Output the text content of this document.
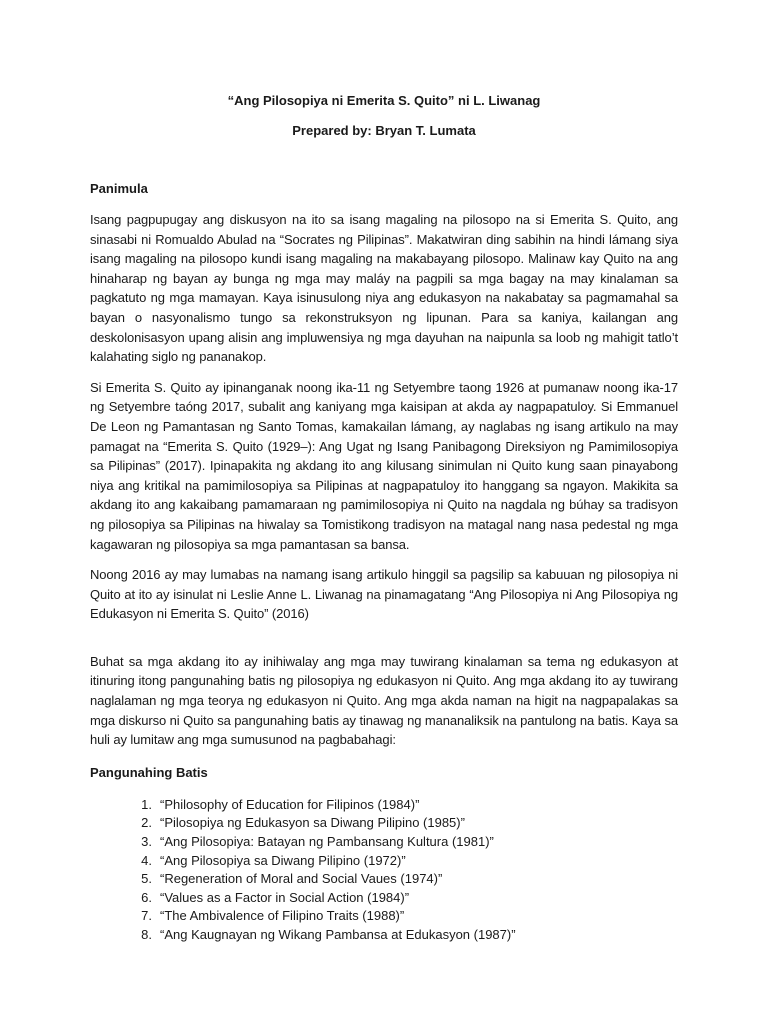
“Ang Pilosopiya ni Emerita S. Quito” ni L. Liwanag

Prepared by: Bryan T. Lumata

Panimula

Isang pagpupugay ang diskusyon na ito sa isang magaling na pilosopo na si Emerita S. Quito, ang sinasabi ni Romualdo Abulad na “Socrates ng Pilipinas”. Makatwiran ding sabihin na hindi lámang siya isang magaling na pilosopo kundi isang magaling na makabayang pilosopo. Malinaw kay Quito na ang hinaharap ng bayan ay bunga ng mga may maláy na pagpili sa mga bagay na may kinalaman sa pagkatuto ng mga mamayan. Kaya isinusulong niya ang edukasyon na nakabatay sa pagmamahal sa bayan o nasyonalismo tungo sa rekonstruksyon ng lipunan. Para sa kaniya, kailangan ang deskolonisasyon upang alisin ang impluwensiya ng mga dayuhan na naipunla sa loob ng mahigit tatlo’t kalahating siglo ng pananakop.

Si Emerita S. Quito ay ipinanganak noong ika-11 ng Setyembre taong 1926 at pumanaw noong ika-17 ng Setyembre taóng 2017, subalit ang kaniyang mga kaisipan at akda ay nagpapatuloy. Si Emmanuel De Leon ng Pamantasan ng Santo Tomas, kamakailan lámang, ay naglabas ng isang artikulo na may pamagat na “Emerita S. Quito (1929–): Ang Ugat ng Isang Panibagong Direksiyon ng Pamimilosopiya sa Pilipinas” (2017). Ipinapakita ng akdang ito ang kilusang sinimulan ni Quito kung saan pinayabong niya ang kritikal na pamimilosopiya sa Pilipinas at nagpapatuloy ito hanggang sa ngayon. Makikita sa akdang ito ang kakaibang pamamaraan ng pamimilosopiya ni Quito na nagdala ng búhay sa tradisyon ng pilosopiya sa Pilipinas na hiwalay sa Tomistikong tradisyon na matagal nang nasa pedestal ng mga kagawaran ng pilosopiya sa mga pamantasan sa bansa.

Noong 2016 ay may lumabas na namang isang artikulo hinggil sa pagsilip sa kabuuan ng pilosopiya ni Quito at ito ay isinulat ni Leslie Anne L. Liwanag na pinamagatang “Ang Pilosopiya ni Ang Pilosopiya ng Edukasyon ni Emerita S. Quito” (2016)

Buhat sa mga akdang ito ay inihiwalay ang mga may tuwirang kinalaman sa tema ng edukasyon at itinuring itong pangunahing batis ng pilosopiya ng edukasyon ni Quito. Ang mga akdang ito ay tuwirang naglalaman ng mga teorya ng edukasyon ni Quito. Ang mga akda naman na higit na nagpapalakas sa mga diskurso ni Quito sa pangunahing batis ay tinawag ng mananaliksik na pantulong na batis. Kaya sa huli ay lumitaw ang mga sumusunod na pagbabahagi:

Pangunahing Batis

1. “Philosophy of Education for Filipinos (1984)”
2. “Pilosopiya ng Edukasyon sa Diwang Pilipino (1985)”
3. “Ang Pilosopiya: Batayan ng Pambansang Kultura (1981)”
4. “Ang Pilosopiya sa Diwang Pilipino (1972)”
5. “Regeneration of Moral and Social Vaues (1974)”
6. “Values as a Factor in Social Action (1984)”
7. “The Ambivalence of Filipino Traits (1988)”
8. “Ang Kaugnayan ng Wikang Pambansa at Edukasyon (1987)”
